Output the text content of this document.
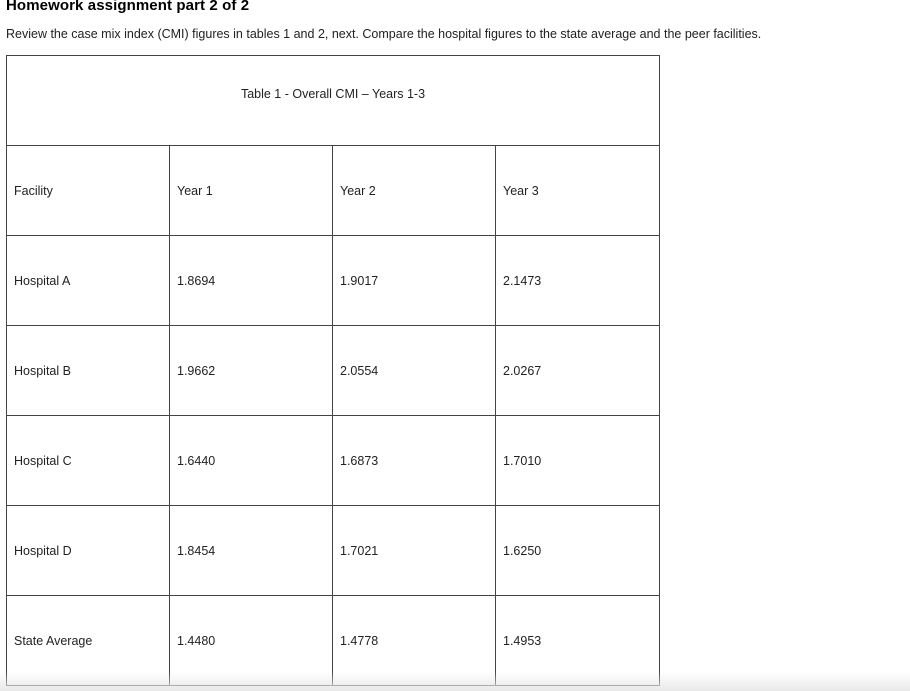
Homework assignment part 2 of 2
Review the case mix index (CMI) figures in tables 1 and 2, next. Compare the hospital figures to the state average and the peer facilities.
Table 1 - Overall CMI – Years 1-3			

Facility	Year 1	Year 2	Year 3
Hospital A	1.8694	1.9017	2.1473
Hospital B	1.9662	2.0554	2.0267
Hospital C	1.6440	1.6873	1.7010
Hospital D	1.8454	1.7021	1.6250
State Average	1.4480	1.4778	1.4953
